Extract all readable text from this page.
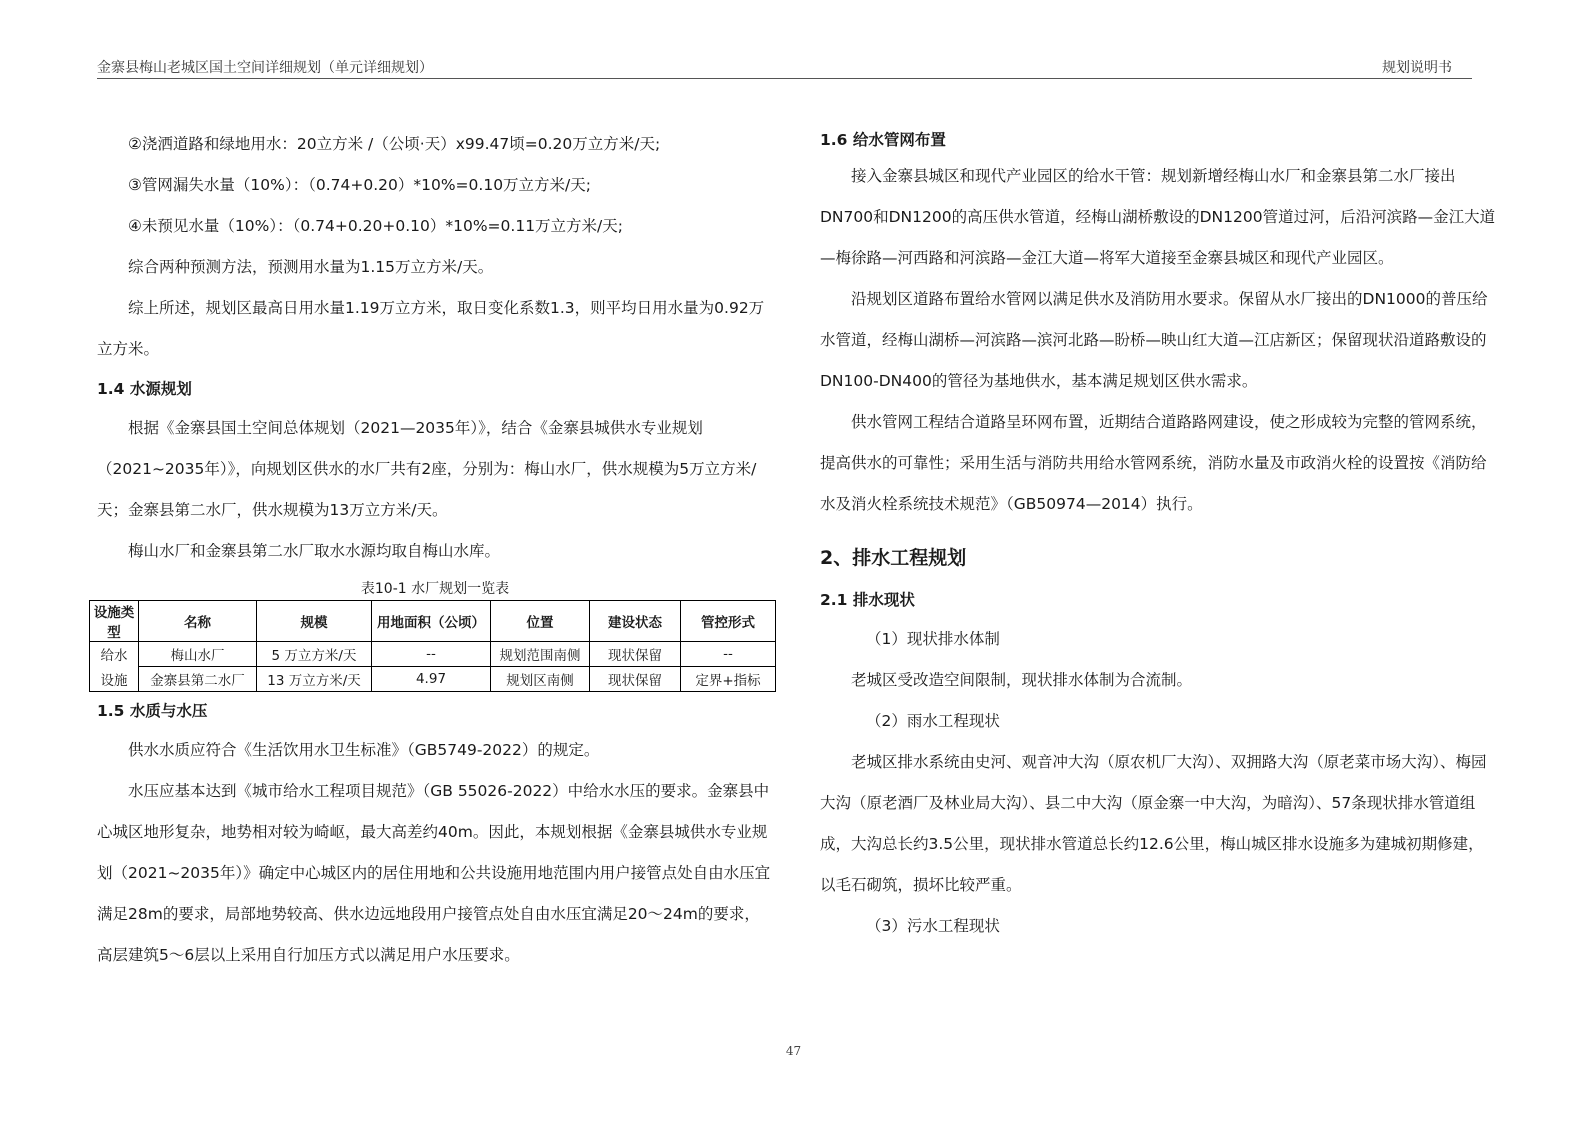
金寨县梅山老城区国土空间详细规划（单元详细规划）	规划说明书

②浇洒道路和绿地用水：20立方米 /（公顷·天）x99.47顷=0.20万立方米/天;

③管网漏失水量（10%）：（0.74+0.20）*10%=0.10万立方米/天;

④未预见水量（10%）：（0.74+0.20+0.10）*10%=0.11万立方米/天;

综合两种预测方法，预测用水量为1.15万立方米/天。

综上所述，规划区最高日用水量1.19万立方米，取日变化系数1.3，则平均日用水量为0.92万立方米。

1.4 水源规划

根据《金寨县国土空间总体规划（2021—2035年）》，结合《金寨县城供水专业规划（2021~2035年）》，向规划区供水的水厂共有2座，分别为：梅山水厂，供水规模为5万立方米/天；金寨县第二水厂，供水规模为13万立方米/天。

梅山水厂和金寨县第二水厂取水水源均取自梅山水库。

表10-1 水厂规划一览表
设施类型	名称	规模	用地面积（公顷）	位置	建设状态	管控形式
给水	梅山水厂	5 万立方米/天	--	规划范围南侧	现状保留	--
设施	金寨县第二水厂	13 万立方米/天	4.97	规划区南侧	现状保留	定界+指标
1.5 水质与水压

供水水质应符合《生活饮用水卫生标准》（GB5749-2022）的规定。

水压应基本达到《城市给水工程项目规范》（GB 55026-2022）中给水水压的要求。金寨县中心城区地形复杂，地势相对较为崎岖，最大高差约40m。因此，本规划根据《金寨县城供水专业规划（2021~2035年）》确定中心城区内的居住用地和公共设施用地范围内用户接管点处自由水压宜满足28m的要求，局部地势较高、供水边远地段用户接管点处自由水压宜满足20～24m的要求，高层建筑5～6层以上采用自行加压方式以满足用户水压要求。

1.6 给水管网布置

接入金寨县城区和现代产业园区的给水干管：规划新增经梅山水厂和金寨县第二水厂接出DN700和DN1200的高压供水管道，经梅山湖桥敷设的DN1200管道过河，后沿河滨路—金江大道—梅徐路—河西路和河滨路—金江大道—将军大道接至金寨县城区和现代产业园区。

沿规划区道路布置给水管网以满足供水及消防用水要求。保留从水厂接出的DN1000的普压给水管道，经梅山湖桥—河滨路—滨河北路—盼桥—映山红大道—江店新区；保留现状沿道路敷设的DN100-DN400的管径为基地供水，基本满足规划区供水需求。

供水管网工程结合道路呈环网布置，近期结合道路路网建设，使之形成较为完整的管网系统，提高供水的可靠性；采用生活与消防共用给水管网系统，消防水量及市政消火栓的设置按《消防给水及消火栓系统技术规范》（GB50974—2014）执行。

2、排水工程规划
2.1 排水现状

（1）现状排水体制

老城区受改造空间限制，现状排水体制为合流制。

（2）雨水工程现状

老城区排水系统由史河、观音冲大沟（原农机厂大沟）、双拥路大沟（原老菜市场大沟）、梅园大沟（原老酒厂及林业局大沟）、县二中大沟（原金寨一中大沟，为暗沟）、57条现状排水管道组成，大沟总长约3.5公里，现状排水管道总长约12.6公里，梅山城区排水设施多为建城初期修建，以毛石砌筑，损坏比较严重。

（3）污水工程现状

47
